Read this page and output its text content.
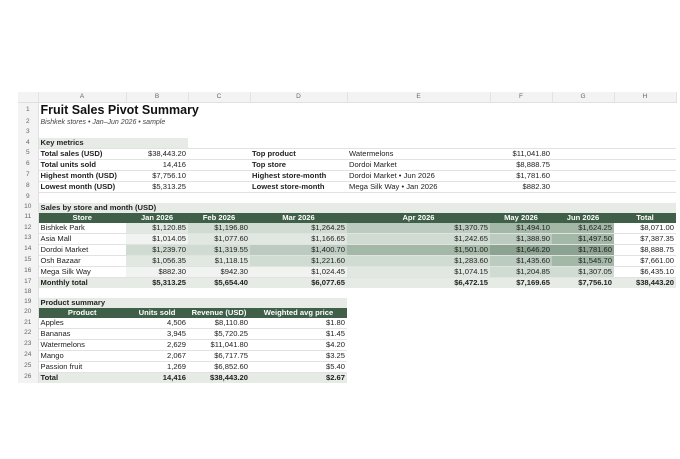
	A	B	C	D	E	F	G	H
1	Fruit Sales Pivot Summary							
2	Bishkek stores • Jan–Jun 2026 • sample							
3								
4	Key metrics							
5	Total sales (USD)	$38,443.20		Top product	Watermelons	$11,041.80		
6	Total units sold	14,416		Top store	Dordoi Market	$8,888.75		
7	Highest month (USD)	$7,756.10		Highest store-month	Dordoi Market • Jun 2026	$1,781.60		
8	Lowest month (USD)	$5,313.25		Lowest store-month	Mega Silk Way • Jan 2026	$882.30		
9								
10	Sales by store and month (USD)							
11	Store	Jan 2026	Feb 2026	Mar 2026	Apr 2026	May 2026	Jun 2026	Total
12	Bishkek Park	$1,120.85	$1,196.80	$1,264.25	$1,370.75	$1,494.10	$1,624.25	$8,071.00
13	Asia Mall	$1,014.05	$1,077.60	$1,166.65	$1,242.65	$1,388.90	$1,497.50	$7,387.35
14	Dordoi Market	$1,239.70	$1,319.55	$1,400.70	$1,501.00	$1,646.20	$1,781.60	$8,888.75
15	Osh Bazaar	$1,056.35	$1,118.15	$1,221.60	$1,283.60	$1,435.60	$1,545.70	$7,661.00
16	Mega Silk Way	$882.30	$942.30	$1,024.45	$1,074.15	$1,204.85	$1,307.05	$6,435.10
17	Monthly total	$5,313.25	$5,654.40	$6,077.65	$6,472.15	$7,169.65	$7,756.10	$38,443.20
18								
19	Product summary							
20	Product	Units sold	Revenue (USD)	Weighted avg price				
21	Apples	4,506	$8,110.80	$1.80				
22	Bananas	3,945	$5,720.25	$1.45				
23	Watermelons	2,629	$11,041.80	$4.20				
24	Mango	2,067	$6,717.75	$3.25				
25	Passion fruit	1,269	$6,852.60	$5.40				
26	Total	14,416	$38,443.20	$2.67				
